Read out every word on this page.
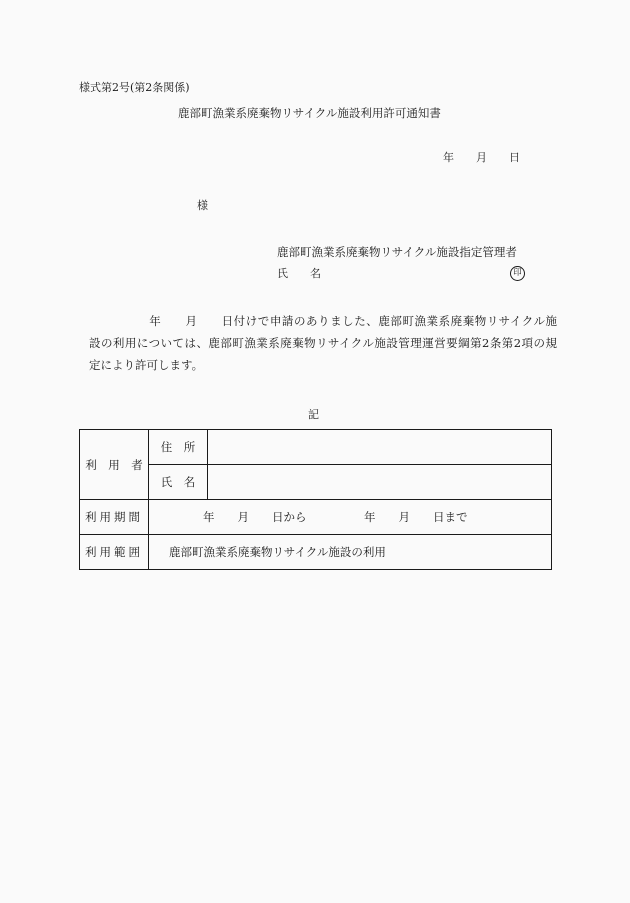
様式第2号(第2条関係)
鹿部町漁業系廃棄物リサイクル施設利用許可通知書
年　　月　　日
様
鹿部町漁業系廃棄物リサイクル施設指定管理者
氏　　名	印
　　　　　年　　月　　日付けで申請のありました、鹿部町漁業系廃棄物リサイクル施
設の利用については、鹿部町漁業系廃棄物リサイクル施設管理運営要綱第2条第2項の規
定により許可します。
記
利　用　者	住　所	
	氏　名	
利用期間	年　　月　　日から　　　　　年　　月　　日まで	
利用範囲	鹿部町漁業系廃棄物リサイクル施設の利用	
